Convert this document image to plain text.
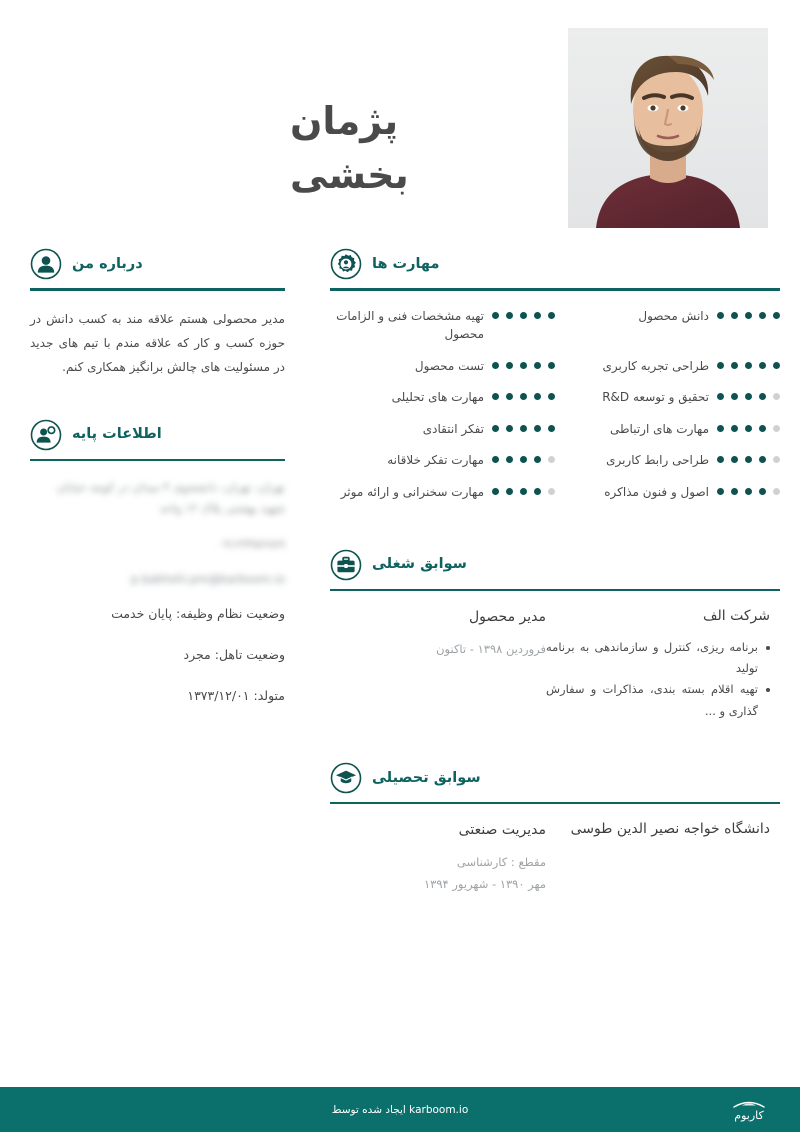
پژمان
بخشی
مهارت ها
دانش محصول
تهیه مشخصات فنی و الزامات محصول
طراحی تجربه کاربری
تست محصول
تحقیق و توسعه R&D
مهارت های تحلیلی
مهارت های ارتباطی
تفکر انتقادی
طراحی رابط کاربری
مهارت تفکر خلاقانه
اصول و فنون مذاکره
مهارت سخنرانی و ارائه موثر
سوابق شغلی
شرکت الف
برنامه ریزی، کنترل و سازماندهی به برنامه تولید
تهیه اقلام بسته بندی، مذاکرات و سفارش گذاری و ...
مدیر محصول
فروردین ۱۳۹۸ - تاکنون
سوابق تحصیلی
دانشگاه خواجه نصیر الدین طوسی
مدیریت صنعتی
مقطع : کارشناسی
مهر ۱۳۹۰ - شهریور ۱۳۹۴
درباره من
مدیر محصولی هستم علاقه مند به کسب دانش در حوزه کسب و کار که علاقه مندم با تیم های جدید در مسئولیت های چالش برانگیز همکاری کنم.
اطلاعات پایه
تهران، تهران، دانشجوی ۴ میدان در کوچه خیابان شهید بهشتی پلاک ۱۲ واحد
۰۹۱۲۳۴۵۶۷۸۹
p.bakhshi.pm@karboom.io
وضعیت نظام وظیفه: پایان خدمت
وضعیت تاهل: مجرد
متولد: ۱۳۷۳/۱۲/۰۱
karboom.io ایجاد شده توسط	کاربوم
